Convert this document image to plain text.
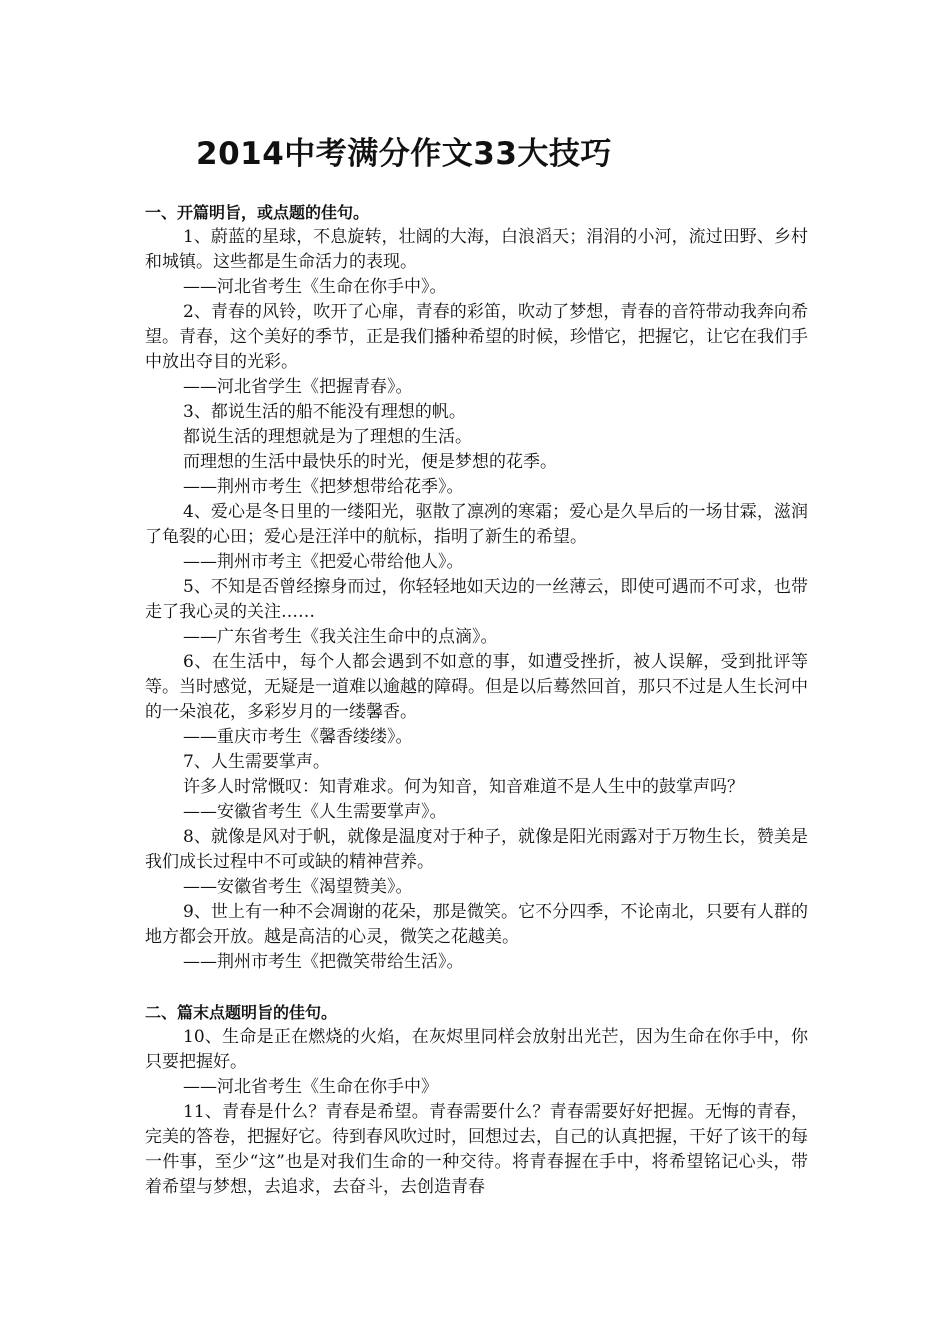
2014中考满分作文33大技巧

一、开篇明旨，或点题的佳句。

1、蔚蓝的星球，不息旋转，壮阔的大海，白浪滔天；涓涓的小河，流过田野、乡村和城镇。这些都是生命活力的表现。

——河北省考生《生命在你手中》。

2、青春的风铃，吹开了心扉，青春的彩笛，吹动了梦想，青春的音符带动我奔向希望。青春，这个美好的季节，正是我们播种希望的时候，珍惜它，把握它，让它在我们手中放出夺目的光彩。

——河北省学生《把握青春》。

3、都说生活的船不能没有理想的帆。

都说生活的理想就是为了理想的生活。

而理想的生活中最快乐的时光，便是梦想的花季。

——荆州市考生《把梦想带给花季》。

4、爱心是冬日里的一缕阳光，驱散了凛冽的寒霜；爱心是久旱后的一场甘霖，滋润了龟裂的心田；爱心是汪洋中的航标，指明了新生的希望。

——荆州市考主《把爱心带给他人》。

5、不知是否曾经擦身而过，你轻轻地如天边的一丝薄云，即使可遇而不可求，也带走了我心灵的关注……

——广东省考生《我关注生命中的点滴》。

6、在生活中，每个人都会遇到不如意的事，如遭受挫折，被人误解，受到批评等等。当时感觉，无疑是一道难以逾越的障碍。但是以后蓦然回首，那只不过是人生长河中的一朵浪花，多彩岁月的一缕馨香。

——重庆市考生《馨香缕缕》。

7、人生需要掌声。

许多人时常慨叹：知青难求。何为知音，知音难道不是人生中的鼓掌声吗？

——安徽省考生《人生需要掌声》。

8、就像是风对于帆，就像是温度对于种子，就像是阳光雨露对于万物生长，赞美是我们成长过程中不可或缺的精神营养。

——安徽省考生《渴望赞美》。

9、世上有一种不会凋谢的花朵，那是微笑。它不分四季，不论南北，只要有人群的地方都会开放。越是高洁的心灵，微笑之花越美。

——荆州市考生《把微笑带给生活》。

二、篇末点题明旨的佳句。

10、生命是正在燃烧的火焰，在灰烬里同样会放射出光芒，因为生命在你手中，你只要把握好。

——河北省考生《生命在你手中》

11、青春是什么？青春是希望。青春需要什么？青春需要好好把握。无悔的青春，完美的答卷，把握好它。待到春风吹过时，回想过去，自己的认真把握，干好了该干的每一件事，至少“这”也是对我们生命的一种交待。将青春握在手中，将希望铭记心头，带着希望与梦想，去追求，去奋斗，去创造青春
